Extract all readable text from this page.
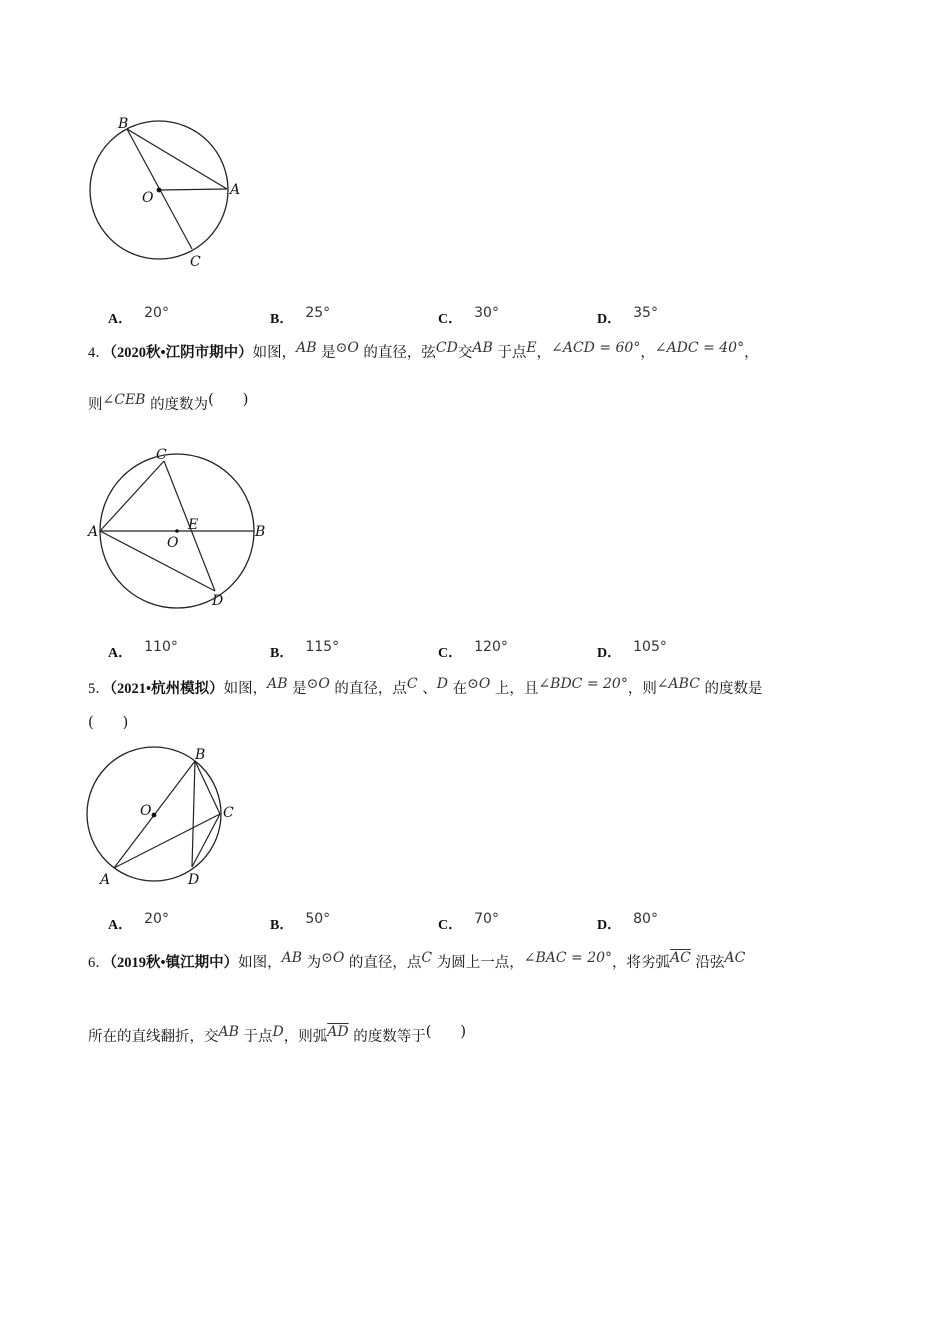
B
A
O
C
A． 20°	B． 25°	C． 30°	D． 35°
4．（2020秋•江阴市期中）如图，AB 是⊙O 的直径，弦CD交AB 于点E，∠ACD = 60°，∠ADC = 40°，
则∠CEB 的度数为(　　)
C
A
O
E	B
D
A． 110°	B． 115°	C． 120°	D． 105°
5．（2021•杭州模拟）如图，AB 是⊙O 的直径，点C 、D 在⊙O 上，且∠BDC = 20°，则∠ABC 的度数是
(　　)
B
O	C
A	D
A． 20°	B． 50°	C． 70°	D． 80°
6．（2019秋•镇江期中）如图，AB 为⊙O 的直径，点C 为圆上一点，∠BAC = 20°，将劣弧$\overline{AC}$ 沿弦AC
所在的直线翻折，交AB 于点D，则弧$\overline{AD}$ 的度数等于(　　)
